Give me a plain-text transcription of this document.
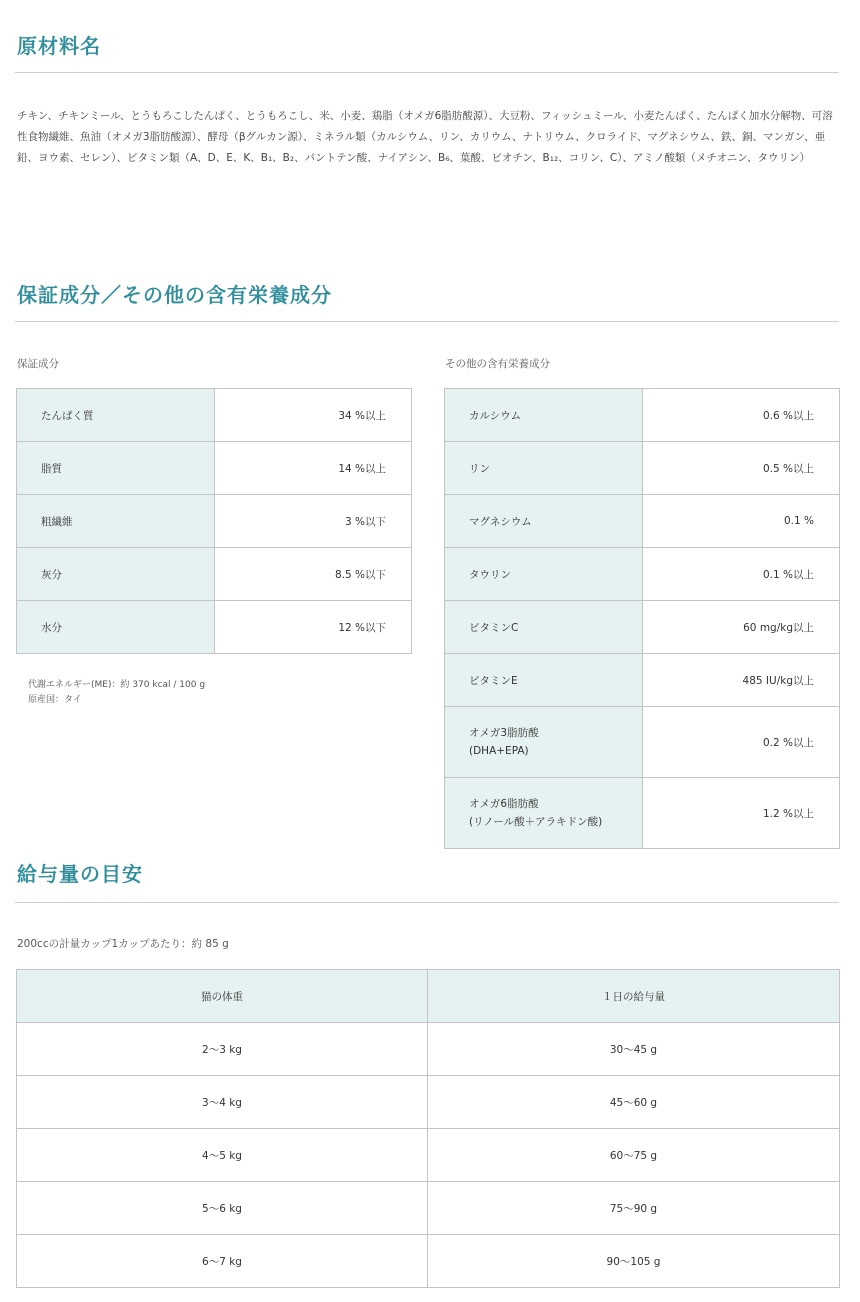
原材料名
チキン、チキンミール、とうもろこしたんぱく、とうもろこし、米、小麦、鶏脂（オメガ6脂肪酸源）、大豆粉、フィッシュミール、小麦たんぱく、たんぱく加水分解物、可溶性食物繊維、魚油（オメガ3脂肪酸源）、酵母（βグルカン源）、ミネラル類（カルシウム、リン、カリウム、ナトリウム、クロライド、マグネシウム、鉄、銅、マンガン、亜鉛、ヨウ素、セレン）、ビタミン類（A、D、E、K、B₁、B₂、パントテン酸、ナイアシン、B₆、葉酸、ビオチン、B₁₂、コリン、C）、アミノ酸類（メチオニン、タウリン）
保証成分／その他の含有栄養成分
保証成分	その他の含有栄養成分
たんぱく質	34 %以上
脂質	14 %以上
粗繊維	3 %以下
灰分	8.5 %以下
水分	12 %以下
代謝エネルギー(ME)：約 370 kcal / 100 g
原産国：タイ
カルシウム	0.6 %以上
リン	0.5 %以上
マグネシウム	0.1 %
タウリン	0.1 %以上
ビタミンC	60 mg/kg以上
ビタミンE	485 IU/kg以上

オメガ3脂肪酸
(DHA+EPA)	0.2 %以上

オメガ6脂肪酸
(リノール酸＋アラキドン酸)	1.2 %以上
給与量の目安
200ccの計量カップ1カップあたり：約 85 g
猫の体重	１日の給与量
2〜3 kg	30〜45 g
3〜4 kg	45〜60 g
4〜5 kg	60〜75 g
5〜6 kg	75〜90 g
6〜7 kg	90〜105 g
